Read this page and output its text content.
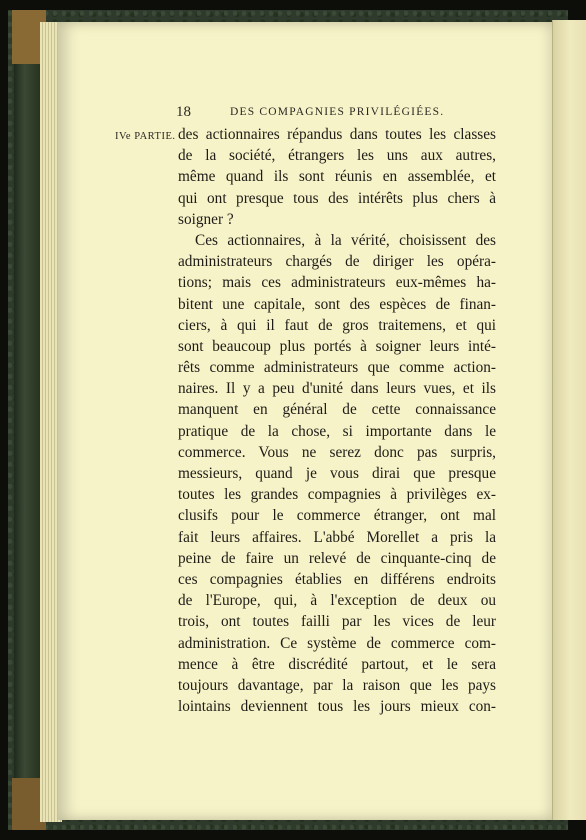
18	DES COMPAGNIES PRIVILÉGIÉES.
IVe PARTIE. des actionnaires répandus dans toutes les classes
de la société, étrangers les uns aux autres,
même quand ils sont réunis en assemblée, et
qui ont presque tous des intérêts plus chers à
soigner ?
Ces actionnaires, à la vérité, choisissent des
administrateurs chargés de diriger les opéra-
tions; mais ces administrateurs eux-mêmes ha-
bitent une capitale, sont des espèces de finan-
ciers, à qui il faut de gros traitemens, et qui
sont beaucoup plus portés à soigner leurs inté-
rêts comme administrateurs que comme action-
naires. Il y a peu d'unité dans leurs vues, et ils
manquent en général de cette connaissance
pratique de la chose, si importante dans le
commerce. Vous ne serez donc pas surpris,
messieurs, quand je vous dirai que presque
toutes les grandes compagnies à privilèges ex-
clusifs pour le commerce étranger, ont mal
fait leurs affaires. L'abbé Morellet a pris la
peine de faire un relevé de cinquante-cinq de
ces compagnies établies en différens endroits
de l'Europe, qui, à l'exception de deux ou
trois, ont toutes failli par les vices de leur
administration. Ce système de commerce com-
mence à être discrédité partout, et le sera
toujours davantage, par la raison que les pays
lointains deviennent tous les jours mieux con-
